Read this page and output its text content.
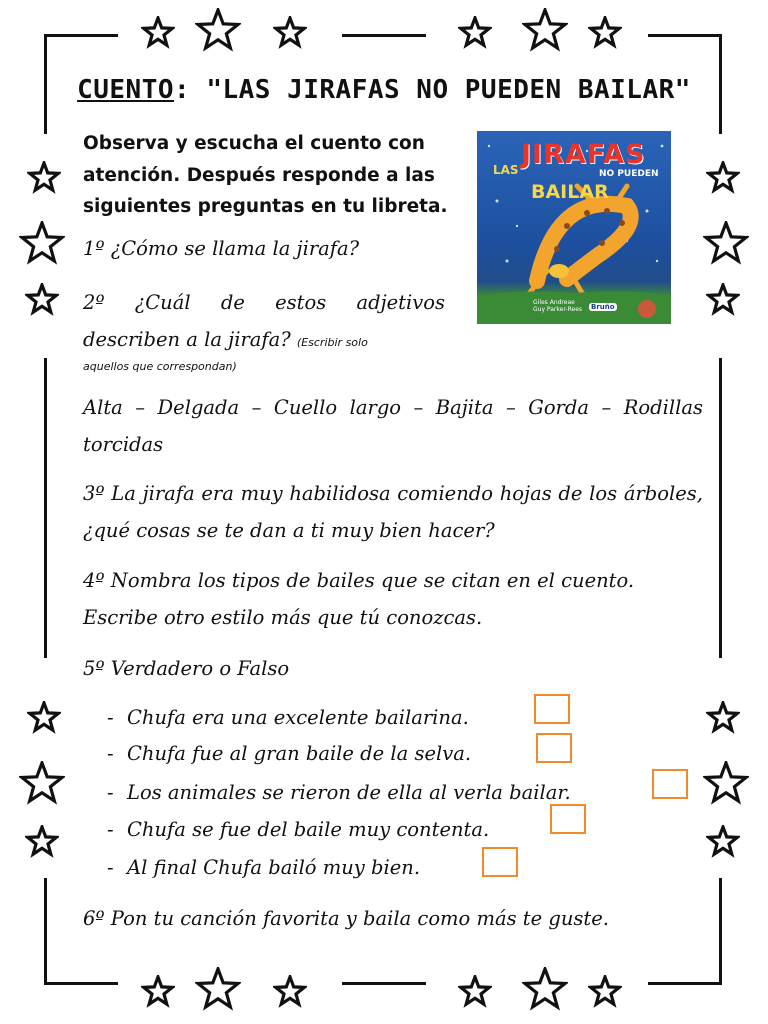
CUENTO: "LAS JIRAFAS NO PUEDEN BAILAR"

Observa y escucha el cuento con atención. Después responde a las siguientes preguntas en tu libreta.

LAS JIRAFAS
NO PUEDEN
BAILAR
Giles Andreae
Guy Parker-Rees Bruño

1º ¿Cómo se llama la jirafa?

2º ¿Cuál de estos adjetivos

describen a la jirafa? (Escribir solo

aquellos que correspondan)

Alta – Delgada – Cuello largo – Bajita – Gorda – Rodillas torcidas

3º La jirafa era muy habilidosa comiendo hojas de los árboles, ¿qué cosas se te dan a ti muy bien hacer?

4º Nombra los tipos de bailes que se citan en el cuento. Escribe otro estilo más que tú conozcas.

5º Verdadero o Falso

- Chufa era una excelente bailarina.
- Chufa fue al gran baile de la selva.
- Los animales se rieron de ella al verla bailar.
- Chufa se fue del baile muy contenta.
- Al final Chufa bailó muy bien.

6º Pon tu canción favorita y baila como más te guste.
